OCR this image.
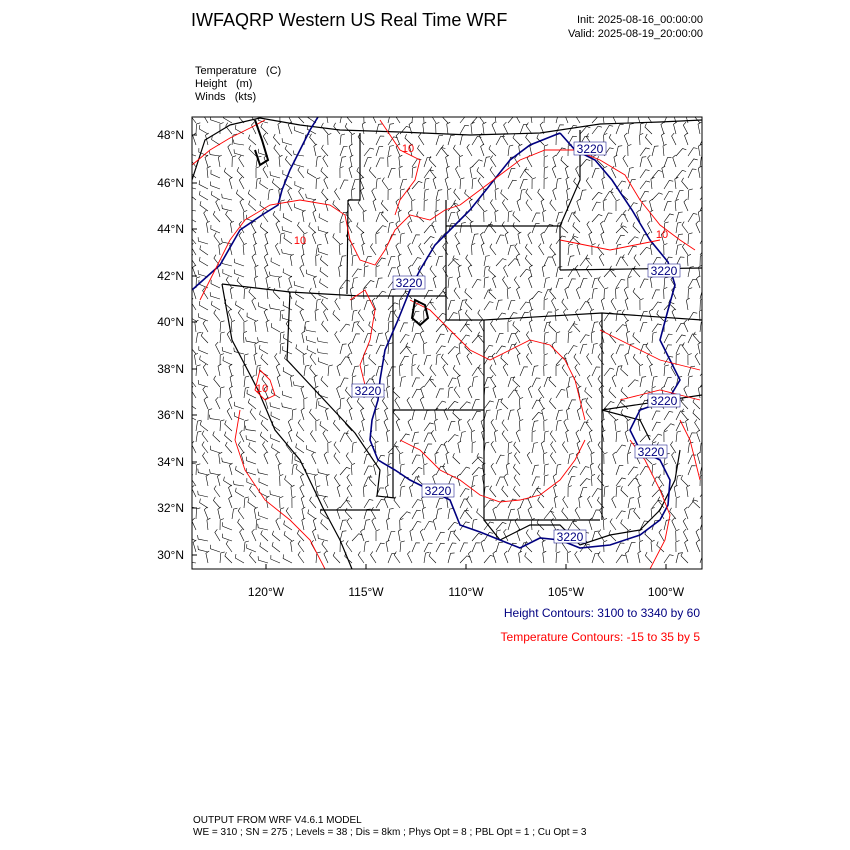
IWFAQRP Western US Real Time WRF	Init: 2025-08-16_00:00:00
Valid: 2025-08-19_20:00:00
Temperature   (C)
Height   (m)
Winds   (kts)
3220
3220
3220
3220
3220
3220
3220
3220
10
10
10
10
48°N
46°N
44°N
42°N
40°N
38°N
36°N
34°N
32°N
30°N
120°W	115°W	110°W	105°W	100°W
Height Contours: 3100 to 3340 by 60
Temperature Contours: -15 to 35 by 5
OUTPUT FROM WRF V4.6.1 MODEL
WE = 310 ; SN = 275 ; Levels = 38 ; Dis = 8km ; Phys Opt = 8 ; PBL Opt = 1 ; Cu Opt = 3
